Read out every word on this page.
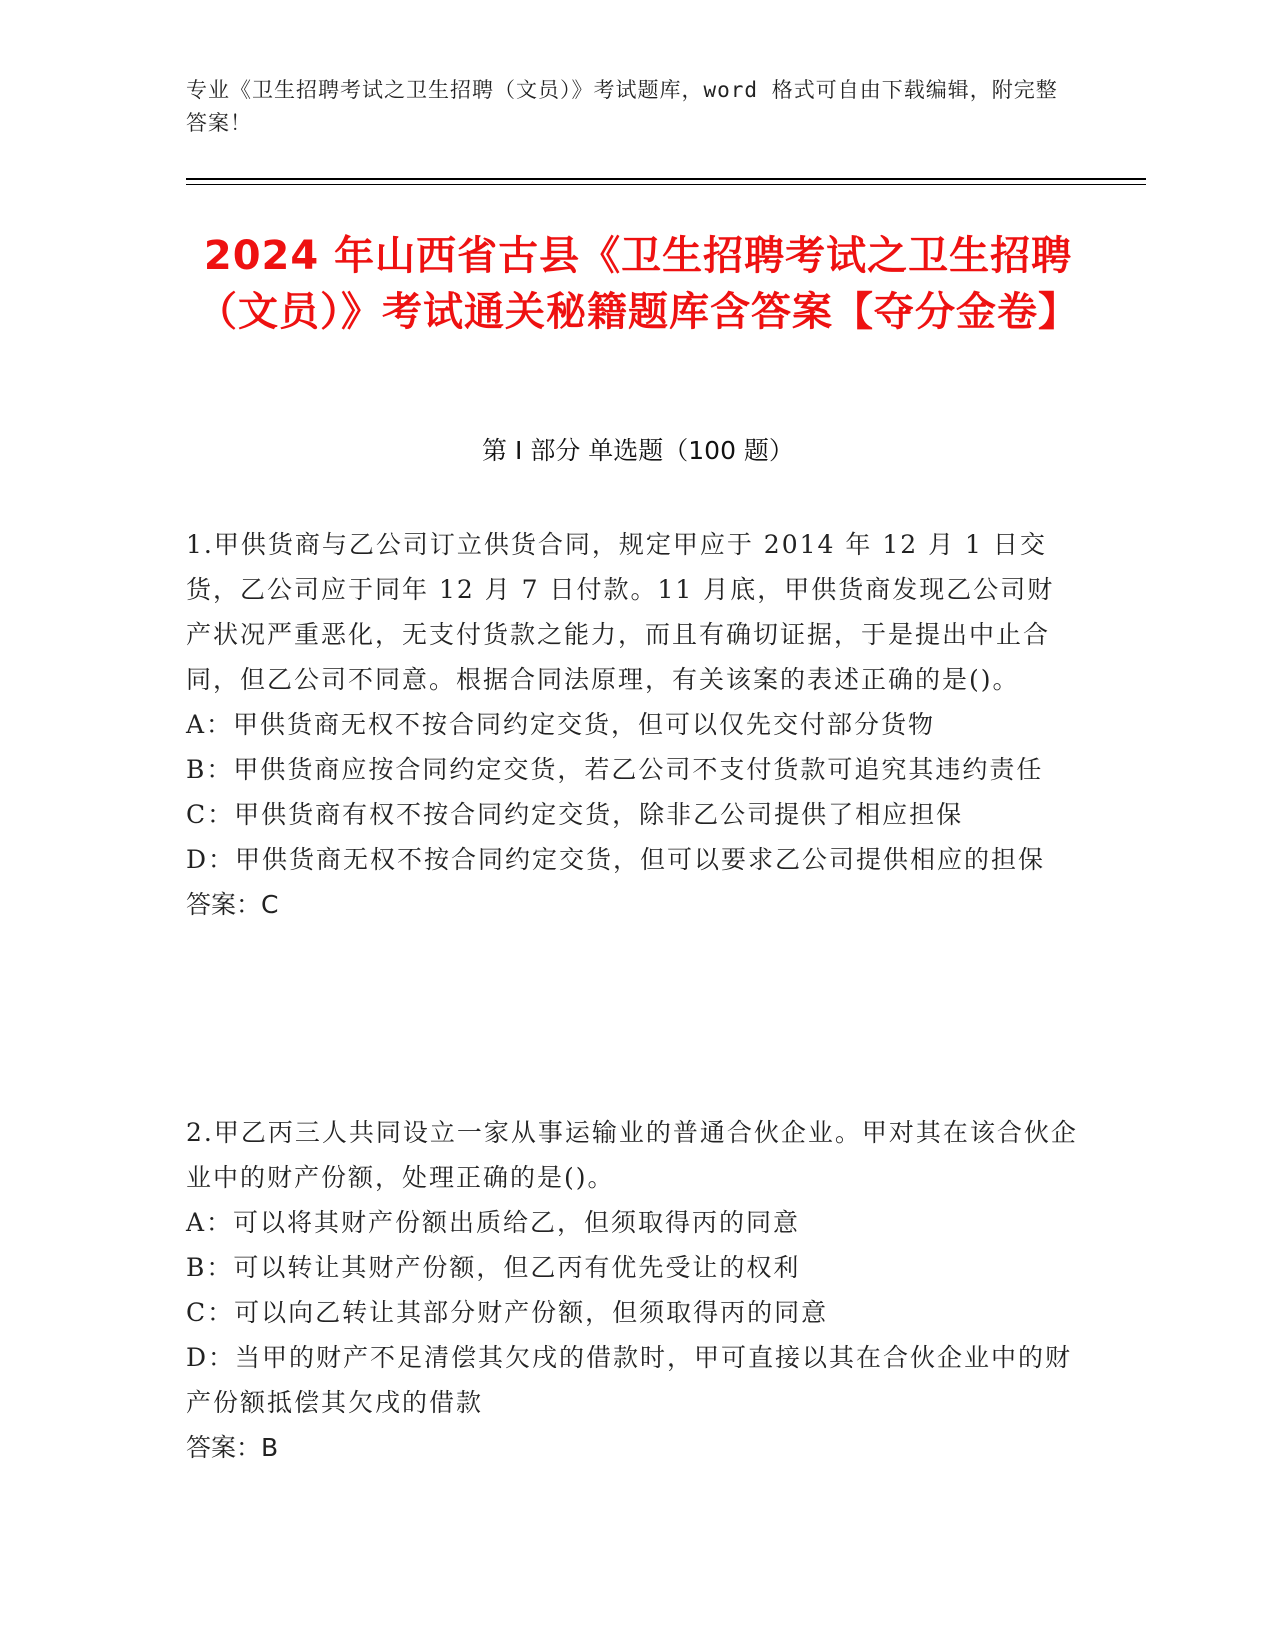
专业《卫生招聘考试之卫生招聘（文员）》考试题库，word 格式可自由下载编辑，附完整答案！
2024 年山西省古县《卫生招聘考试之卫生招聘（文员）》考试通关秘籍题库含答案【夺分金卷】
第 I 部分 单选题（100 题）

1.甲供货商与乙公司订立供货合同，规定甲应于 2014 年 12 月 1 日交货，乙公司应于同年 12 月 7 日付款。11 月底，甲供货商发现乙公司财产状况严重恶化，无支付货款之能力，而且有确切证据，于是提出中止合同，但乙公司不同意。根据合同法原理，有关该案的表述正确的是()。

A：甲供货商无权不按合同约定交货，但可以仅先交付部分货物

B：甲供货商应按合同约定交货，若乙公司不支付货款可追究其违约责任

C：甲供货商有权不按合同约定交货，除非乙公司提供了相应担保

D：甲供货商无权不按合同约定交货，但可以要求乙公司提供相应的担保

答案：C

2.甲乙丙三人共同设立一家从事运输业的普通合伙企业。甲对其在该合伙企业中的财产份额，处理正确的是()。

A：可以将其财产份额出质给乙，但须取得丙的同意

B：可以转让其财产份额，但乙丙有优先受让的权利

C：可以向乙转让其部分财产份额，但须取得丙的同意

D：当甲的财产不足清偿其欠戌的借款时，甲可直接以其在合伙企业中的财产份额抵偿其欠戌的借款

答案：B
